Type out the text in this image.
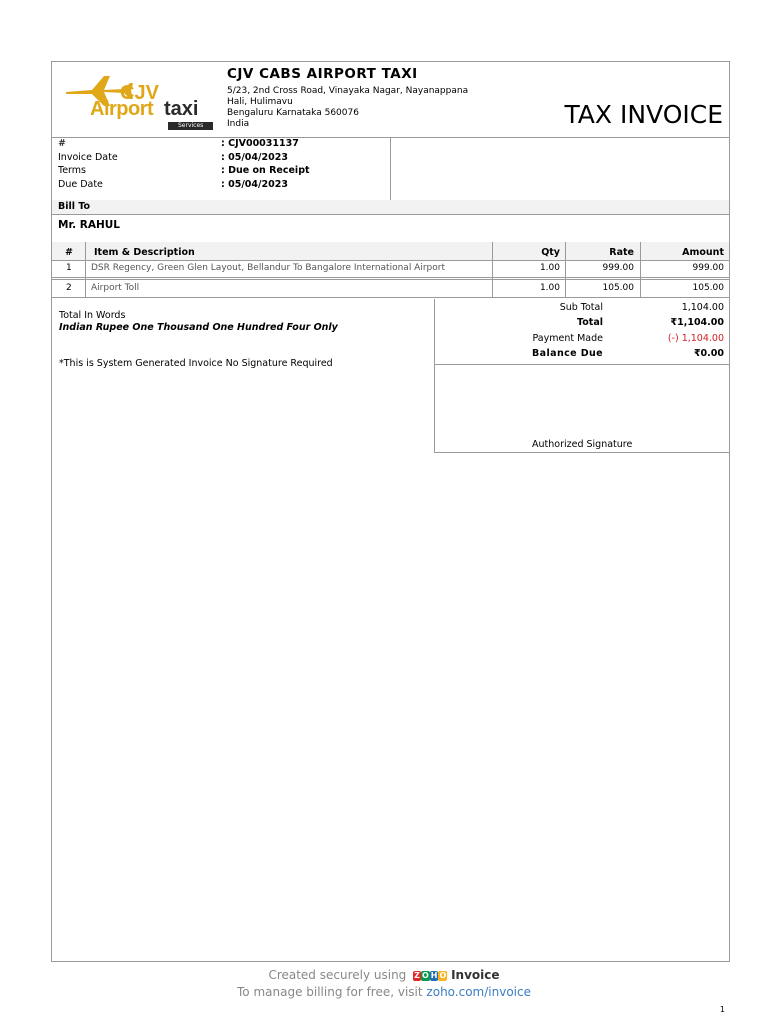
CJV
Airport taxi
Services
CJV CABS AIRPORT TAXI
5/23, 2nd Cross Road, Vinayaka Nagar, Nayanappana
Hali, Hulimavu
Bengaluru Karnataka 560076
India	TAX INVOICE
#	: CJV00031137
Invoice Date	: 05/04/2023
Terms	: Due on Receipt
Due Date	: 05/04/2023
Bill To
Mr. RAHUL
# Item & Description	Qty	Rate	Amount
1 DSR Regency, Green Glen Layout, Bellandur To Bangalore International Airport	1.00	999.00	999.00
2 Airport Toll	1.00	105.00	105.00
Sub Total	1,104.00
Total	₹1,104.00
Payment Made	(-) 1,104.00
Balance Due	₹0.00
Authorized Signature
Total In Words
Indian Rupee One Thousand One Hundred Four Only
*This is System Generated Invoice No Signature Required
Created securely using Z O H O Invoice
To manage billing for free, visit zoho.com/invoice
1
